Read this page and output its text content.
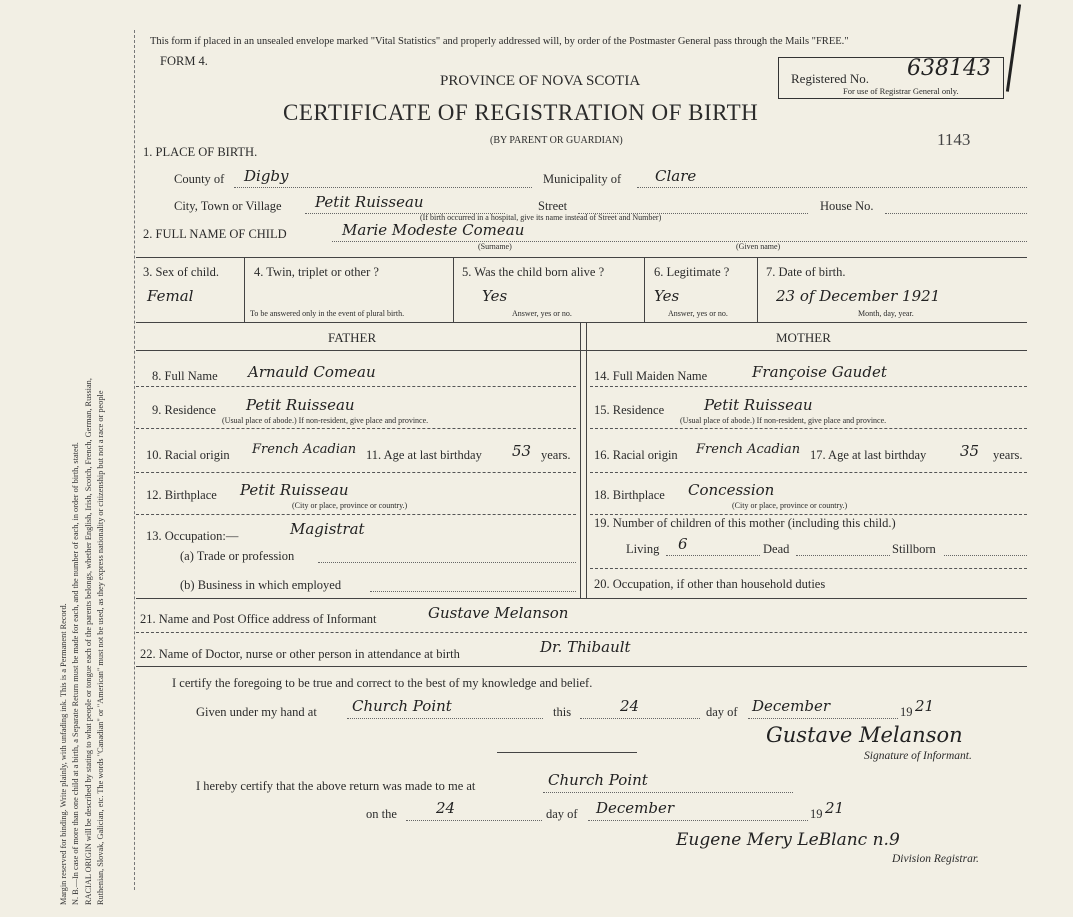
Margin reserved for binding. Write plainly, with unfading ink. This is a Permanent Record. N. B.—In case of more than one child at a birth, a Separate Return must be made for each, and the number of each, in order of birth, stated. RACIAL ORIGIN will be described by stating to what people or tongue each of the parents belongs, whether English, Irish, Scotch, French, German, Russian, Ruthenian, Slovak, Galician, etc. The words "Canadian" or "American" must not be used, as they express nationality or citizenship but not a race or people
This form if placed in an unsealed envelope marked "Vital Statistics" and properly addressed will, by order of the Postmaster General pass through the Mails "FREE."
FORM 4.
PROVINCE OF NOVA SCOTIA
CERTIFICATE OF REGISTRATION OF BIRTH
(BY PARENT OR GUARDIAN)
Registered No. 638143
For use of Registrar General only.
1143
1. PLACE OF BIRTH.
County of Digby	Municipality of Clare
City, Town or Village Petit Ruisseau	Street	House No.
(If birth occurred in a hospital, give its name instead of Street and Number)
2. FULL NAME OF CHILD	Marie Modeste Comeau
(Surname)	(Given name)
3. Sex of child.
Femal
4. Twin, triplet or other ?
To be answered only in the event of plural birth.
5. Was the child born alive ?
Yes
Answer, yes or no.
6. Legitimate ?
Yes
Answer, yes or no.
7. Date of birth.
23 of December 1921
Month, day, year.
FATHER	MOTHER
8. Full Name Arnauld Comeau
9. Residence Petit Ruisseau
(Usual place of abode.) If non-resident, give place and province.
10. Racial origin French Acadian 11. Age at last birthday 53 years.
12. Birthplace Petit Ruisseau
(City or place, province or country.)
13. Occupation:—	Magistrat
(a) Trade or profession
(b) Business in which employed
14. Full Maiden Name	Françoise Gaudet
15. Residence	Petit Ruisseau
(Usual place of abode.) If non-resident, give place and province.
16. Racial origin French Acadian 17. Age at last birthday 35 years.
18. Birthplace Concession
(City or place, province or country.)
19. Number of children of this mother (including this child.)
Living 6	Dead	Stillborn
20. Occupation, if other than household duties
21. Name and Post Office address of Informant	Gustave Melanson
22. Name of Doctor, nurse or other person in attendance at birth	Dr. Thibault
I certify the foregoing to be true and correct to the best of my knowledge and belief.
Given under my hand at Church Point	this	24	day of December	19 21
Gustave Melanson
Signature of Informant.
I hereby certify that the above return was made to me at	Church Point
on the	24	day of December	19 21
Eugene Mery LeBlanc n.9
Division Registrar.
